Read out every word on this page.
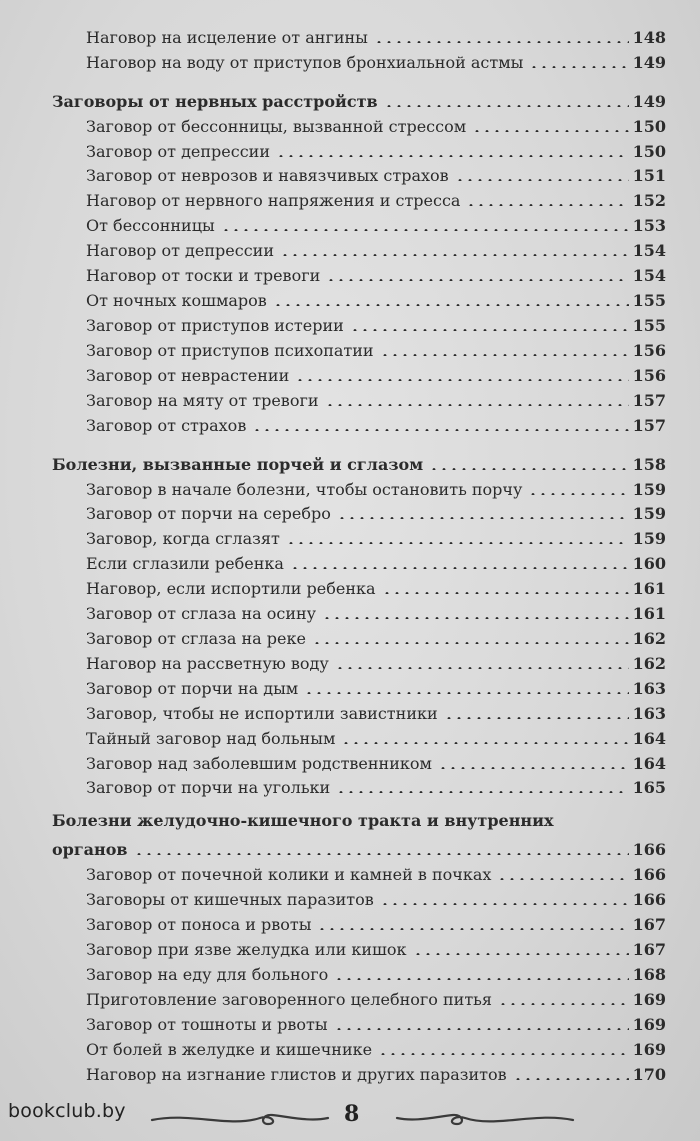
Наговор на исцеление от ангины	148
Наговор на воду от приступов бронхиальной астмы	149
Заговоры от нервных расстройств	149
Заговор от бессонницы, вызванной стрессом	150
Заговор от депрессии	150
Заговор от неврозов и навязчивых страхов	151
Наговор от нервного напряжения и стресса	152
От бессонницы	153
Наговор от депрессии	154
Наговор от тоски и тревоги	154
От ночных кошмаров	155
Заговор от приступов истерии	155
Заговор от приступов психопатии	156
Заговор от неврастении	156
Заговор на мяту от тревоги	157
Заговор от страхов	157
Болезни, вызванные порчей и сглазом	158
Заговор в начале болезни, чтобы остановить порчу	159
Заговор от порчи на серебро	159
Заговор, когда сглазят	159
Если сглазили ребенка	160
Наговор, если испортили ребенка	161
Заговор от сглаза на осину	161
Заговор от сглаза на реке	162
Наговор на рассветную воду	162
Заговор от порчи на дым	163
Заговор, чтобы не испортили завистники	163
Тайный заговор над больным	164
Заговор над заболевшим родственником	164
Заговор от порчи на угольки	165
Болезни желудочно-кишечного тракта и внутренних
органов	166
Заговор от почечной колики и камней в почках	166
Заговоры от кишечных паразитов	166
Заговор от поноса и рвоты	167
Заговор при язве желудка или кишок	167
Заговор на еду для больного	168
Приготовление заговоренного целебного питья	169
Заговор от тошноты и рвоты	169
От болей в желудке и кишечнике	169
Наговор на изгнание глистов и других паразитов	170
bookclub.by	8
